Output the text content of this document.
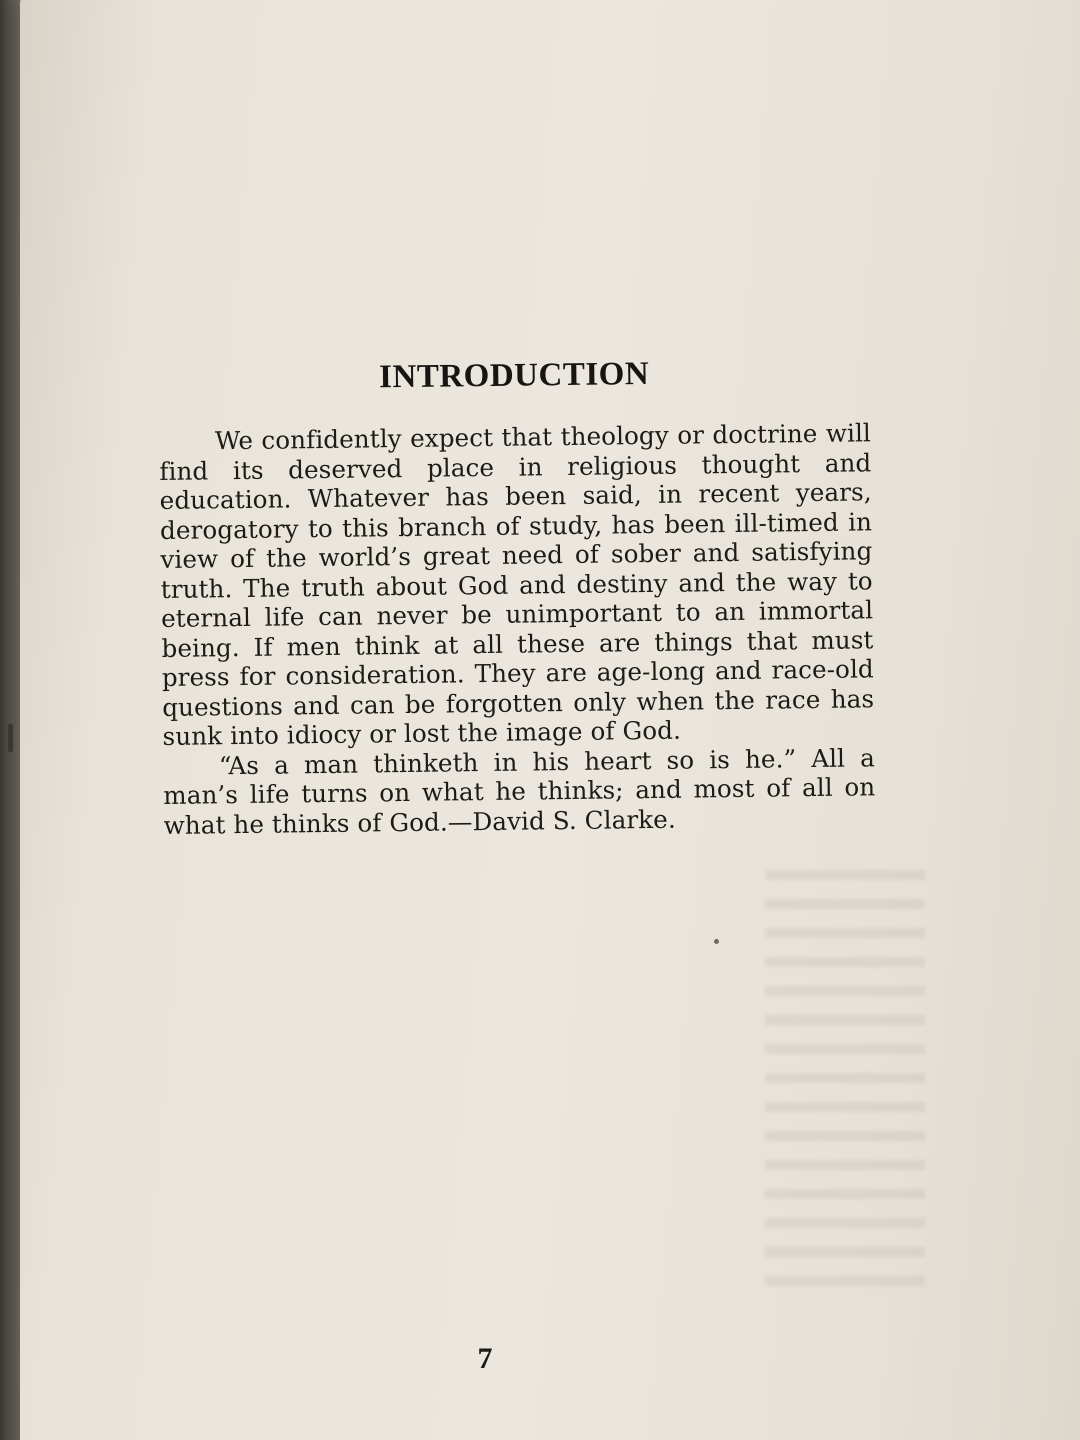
INTRODUCTION

We confidently expect that theology or doctrine will find its deserved place in religious thought and education. Whatever has been said, in recent years, derogatory to this branch of study, has been ill-timed in view of the world’s great need of sober and satisfying truth. The truth about God and destiny and the way to eternal life can never be unimportant to an immortal being. If men think at all these are things that must press for consideration. They are age-long and race-old questions and can be forgotten only when the race has sunk into idiocy or lost the image of God.

“As a man thinketh in his heart so is he.” All a man’s life turns on what he thinks; and most of all on what he thinks of God.—David S. Clarke.

7
